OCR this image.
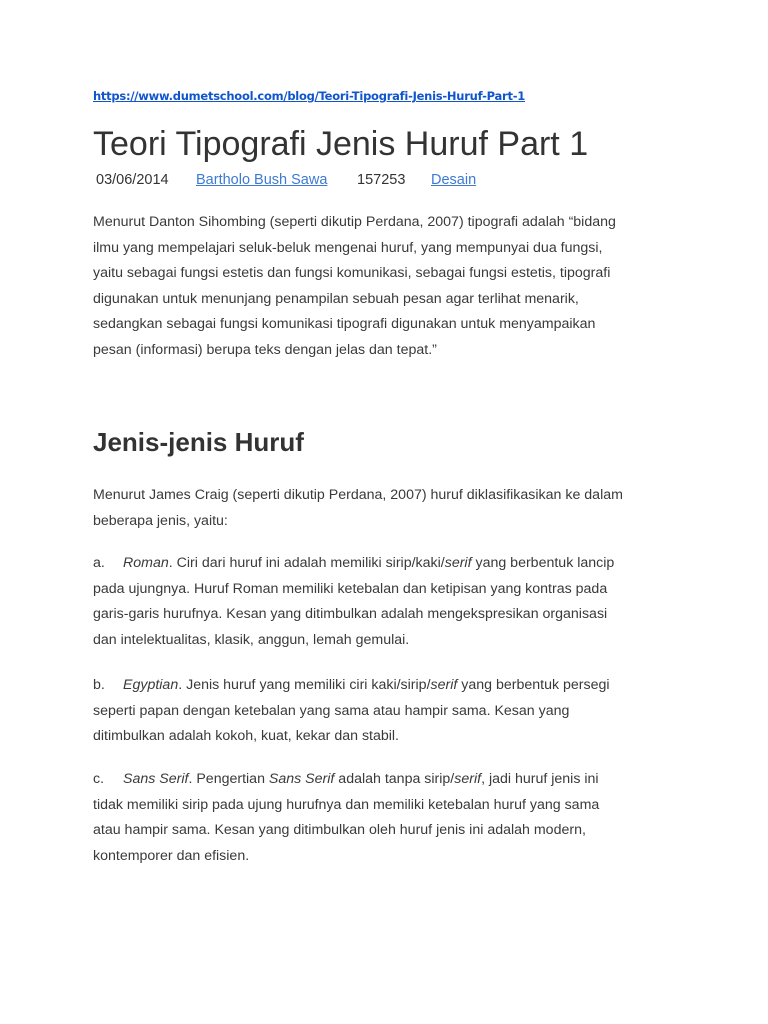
https://www.dumetschool.com/blog/Teori-Tipografi-Jenis-Huruf-Part-1
Teori Tipografi Jenis Huruf Part 1
03/06/2014 Bartholo Bush Sawa 157253 Desain

Menurut Danton Sihombing (seperti dikutip Perdana, 2007) tipografi adalah “bidang
ilmu yang mempelajari seluk-beluk mengenai huruf, yang mempunyai dua fungsi,
yaitu sebagai fungsi estetis dan fungsi komunikasi, sebagai fungsi estetis, tipografi
digunakan untuk menunjang penampilan sebuah pesan agar terlihat menarik,
sedangkan sebagai fungsi komunikasi tipografi digunakan untuk menyampaikan
pesan (informasi) berupa teks dengan jelas dan tepat.”

Jenis-jenis Huruf

Menurut James Craig (seperti dikutip Perdana, 2007) huruf diklasifikasikan ke dalam
beberapa jenis, yaitu:

a. Roman. Ciri dari huruf ini adalah memiliki sirip/kaki/serif yang berbentuk lancip
pada ujungnya. Huruf Roman memiliki ketebalan dan ketipisan yang kontras pada
garis-garis hurufnya. Kesan yang ditimbulkan adalah mengekspresikan organisasi
dan intelektualitas, klasik, anggun, lemah gemulai.

b. Egyptian. Jenis huruf yang memiliki ciri kaki/sirip/serif yang berbentuk persegi
seperti papan dengan ketebalan yang sama atau hampir sama. Kesan yang
ditimbulkan adalah kokoh, kuat, kekar dan stabil.

c. Sans Serif. Pengertian Sans Serif adalah tanpa sirip/serif, jadi huruf jenis ini
tidak memiliki sirip pada ujung hurufnya dan memiliki ketebalan huruf yang sama
atau hampir sama. Kesan yang ditimbulkan oleh huruf jenis ini adalah modern,
kontemporer dan efisien.
